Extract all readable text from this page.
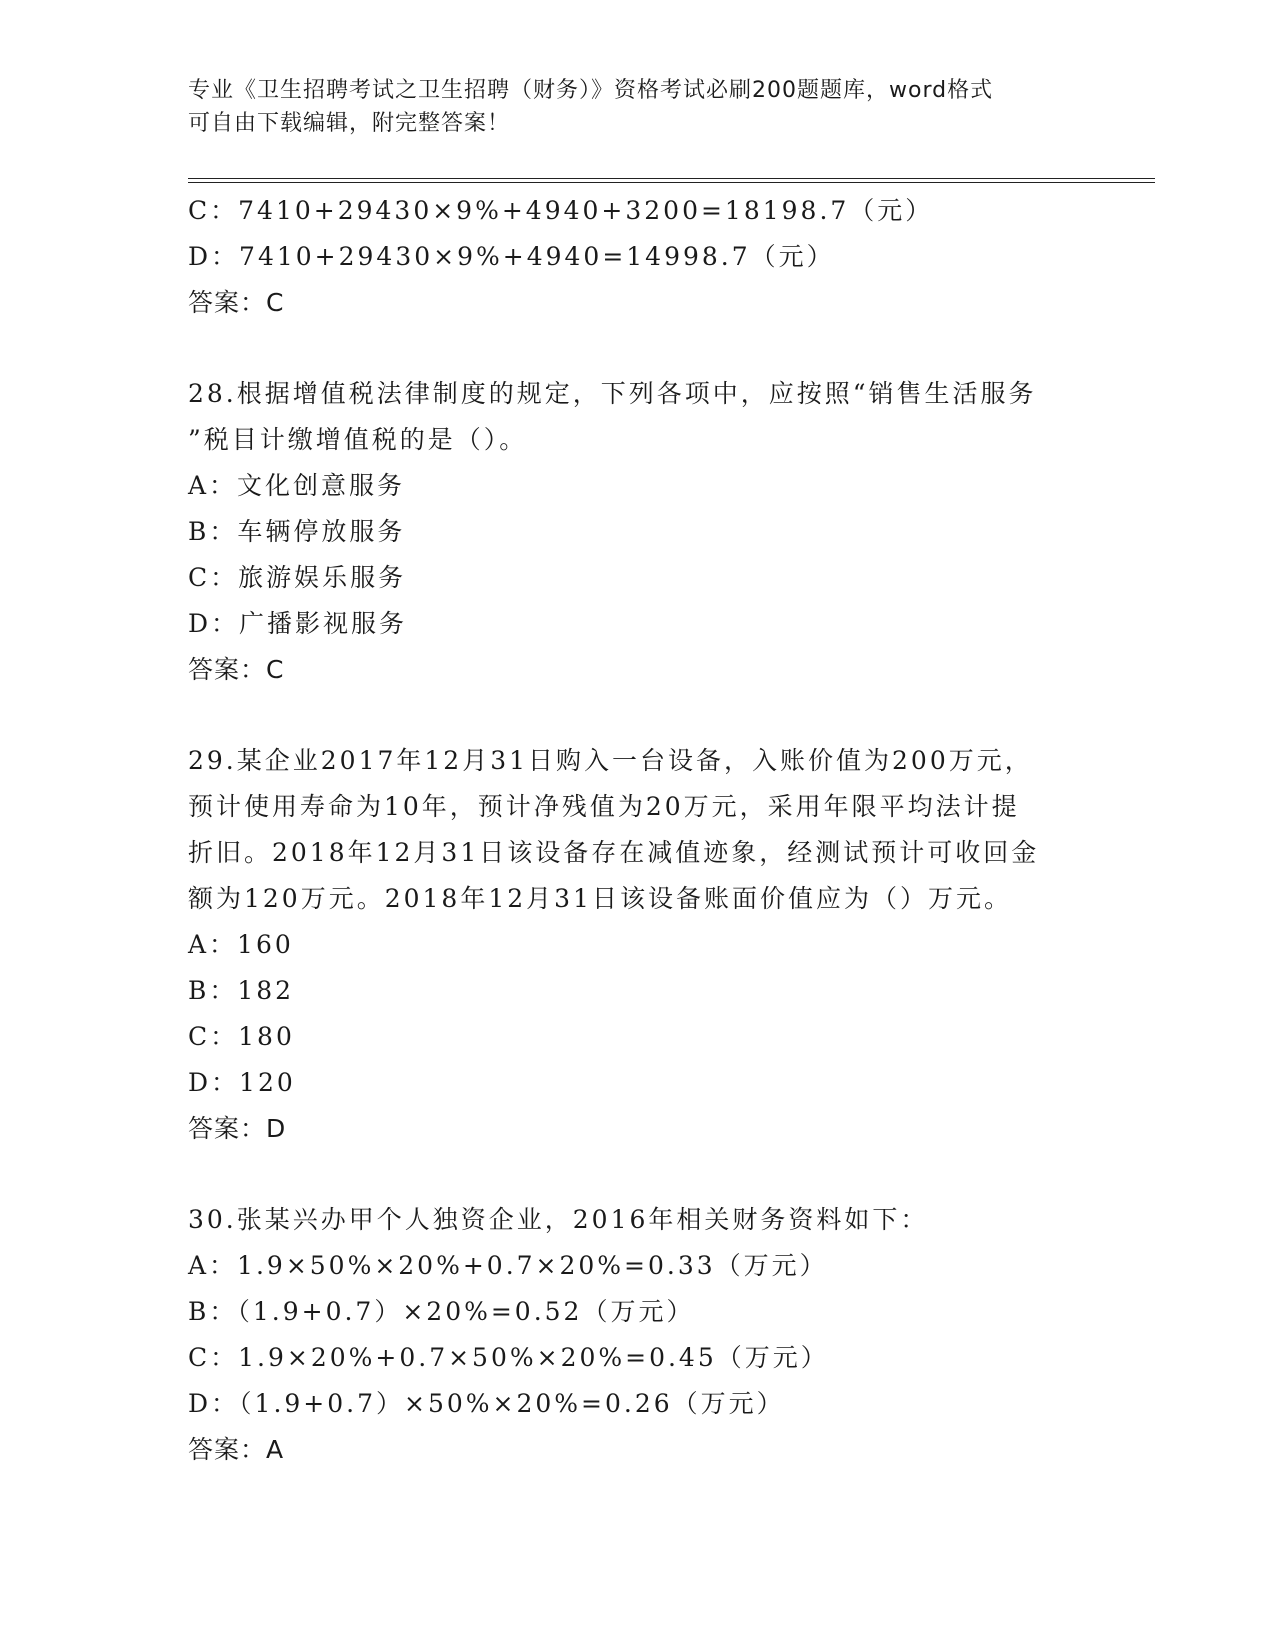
专业《卫生招聘考试之卫生招聘（财务）》资格考试必刷200题题库，word格式
可自由下载编辑，附完整答案！
C：7410+29430×9%+4940+3200=18198.7（元）
D：7410+29430×9%+4940=14998.7（元）
答案：C
28.根据增值税法律制度的规定，下列各项中，应按照“销售生活服务
”税目计缴增值税的是（）。
A：文化创意服务
B：车辆停放服务
C：旅游娱乐服务
D：广播影视服务
答案：C
29.某企业2017年12月31日购入一台设备，入账价值为200万元，
预计使用寿命为10年，预计净残值为20万元，采用年限平均法计提
折旧。2018年12月31日该设备存在减值迹象，经测试预计可收回金
额为120万元。2018年12月31日该设备账面价值应为（）万元。
A：160
B：182
C：180
D：120
答案：D
30.张某兴办甲个人独资企业，2016年相关财务资料如下：
A：1.9×50%×20%+0.7×20%=0.33（万元）
B：（1.9+0.7）×20%=0.52（万元）
C：1.9×20%+0.7×50%×20%=0.45（万元）
D：（1.9+0.7）×50%×20%=0.26（万元）
答案：A
